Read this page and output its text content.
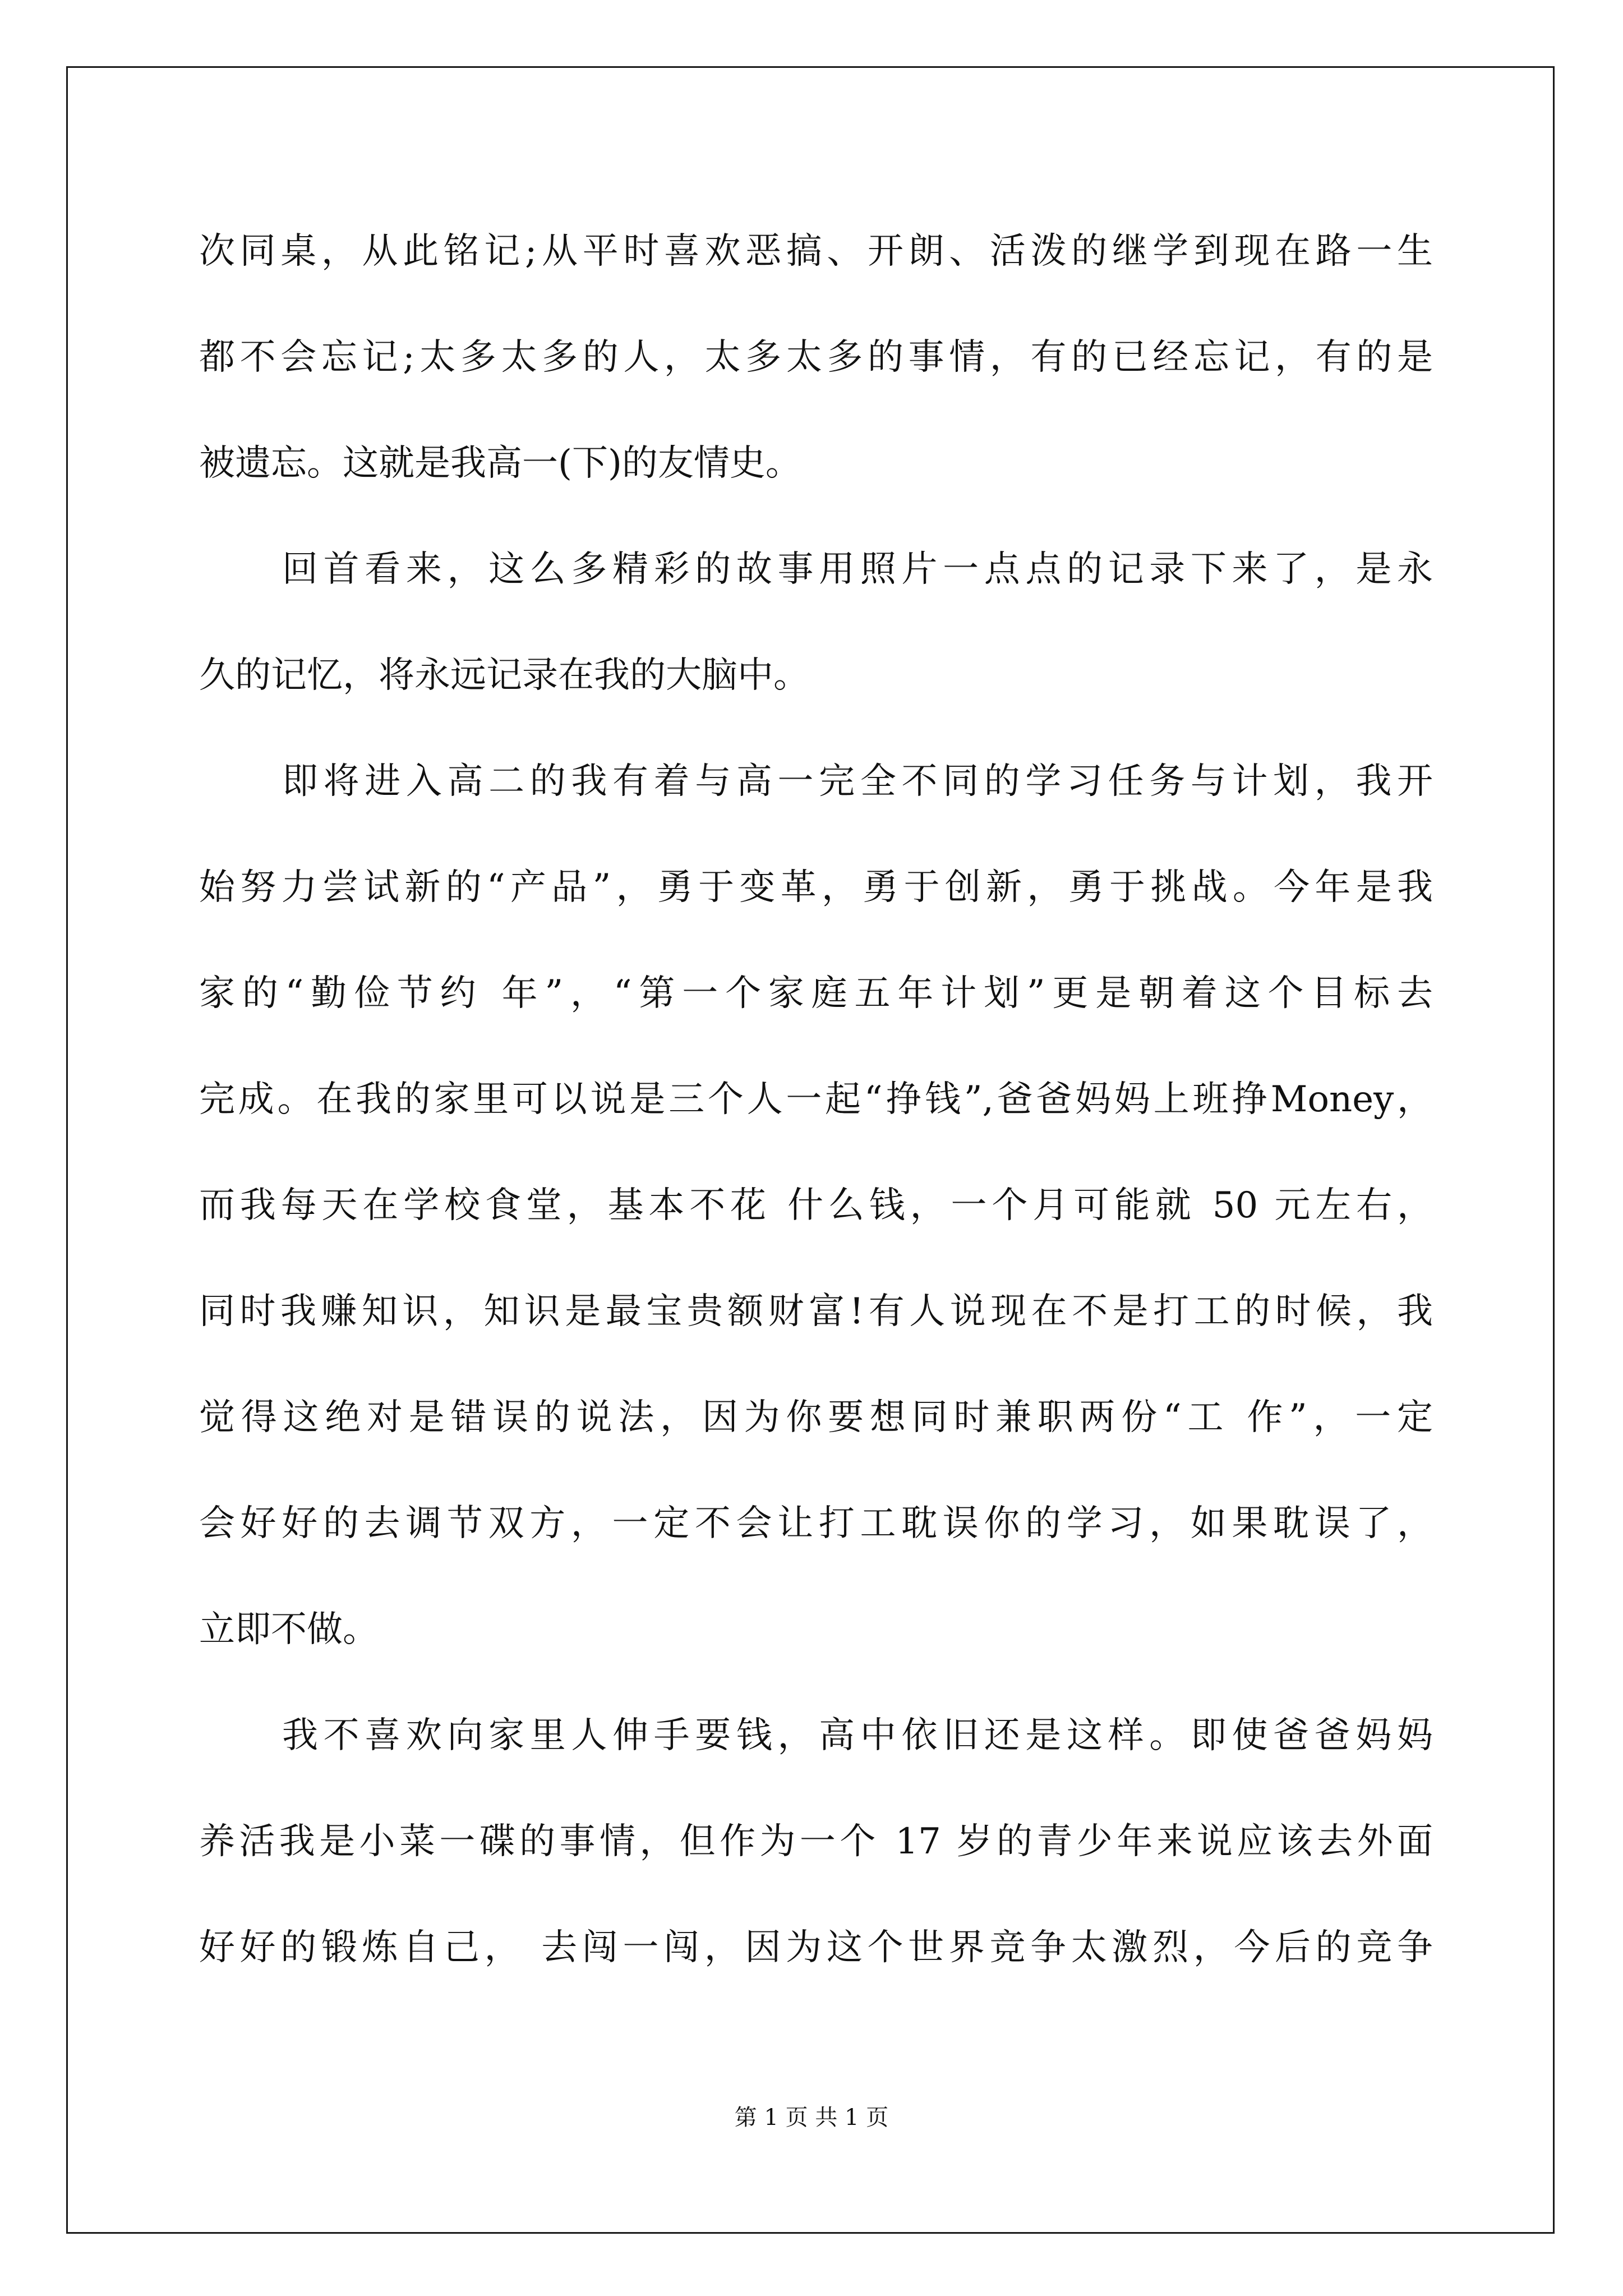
次同桌，从此铭记;从平时喜欢恶搞、开朗、活泼的继学到现在路一生
都不会忘记;太多太多的人，太多太多的事情，有的已经忘记，有的是
被遗忘。这就是我高一(下)的友情史。
回首看来，这么多精彩的故事用照片一点点的记录下来了，是永
久的记忆，将永远记录在我的大脑中。
即将进入高二的我有着与高一完全不同的学习任务与计划，我开
始努力尝试新的“产品”，勇于变革，勇于创新，勇于挑战。今年是我
家的“勤俭节约 年”，“第一个家庭五年计划”更是朝着这个目标去
完成。在我的家里可以说是三个人一起“挣钱”,爸爸妈妈上班挣Money，
而我每天在学校食堂，基本不花 什么钱，一个月可能就 50 元左右，
同时我赚知识，知识是最宝贵额财富!有人说现在不是打工的时候，我
觉得这绝对是错误的说法，因为你要想同时兼职两份“工 作”，一定
会好好的去调节双方，一定不会让打工耽误你的学习，如果耽误了，
立即不做。
我不喜欢向家里人伸手要钱，高中依旧还是这样。即使爸爸妈妈
养活我是小菜一碟的事情，但作为一个 17 岁的青少年来说应该去外面
好好的锻炼自己， 去闯一闯，因为这个世界竞争太激烈，今后的竞争
第 1 页 共 1 页
